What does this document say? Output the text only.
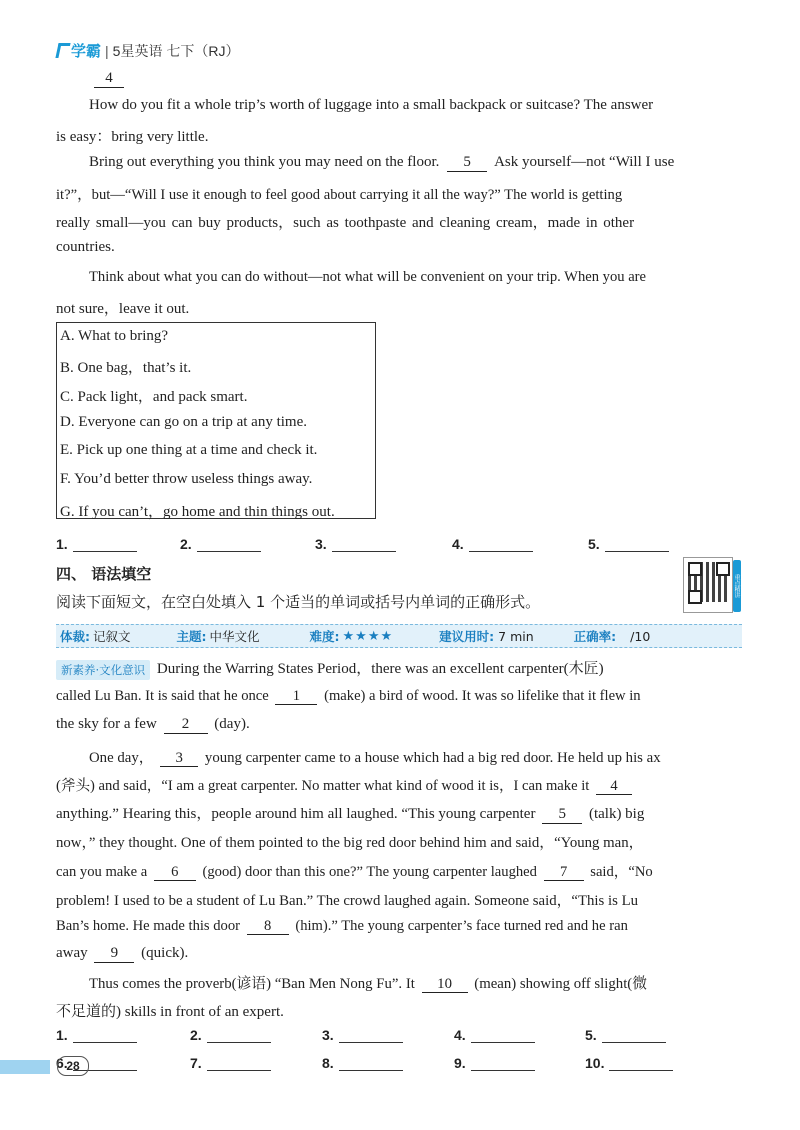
学霸 | 5星英语 七下（RJ）
4
How do you fit a whole trip’s worth of luggage into a small backpack or suitcase? The answer
is easy：bring very little.
Bring out everything you think you may need on the floor. 5 Ask yourself—not “Will I use
it?”，but—“Will I use it enough to feel good about carrying it all the way?” The world is getting
really small—you can buy products，such as toothpaste and cleaning cream，made in other
countries.
Think about what you can do without—not what will be convenient on your trip. When you are
not sure，leave it out.
A. What to bring?
B. One bag，that’s it.
C. Pack light，and pack smart.
D. Everyone can go on a trip at any time.
E. Pick up one thing at a time and check it.
F. You’d better throw useless things away.
G. If you can’t，go home and thin things out.
1.	2.	3.	4.	5.
四、 语法填空
阅读下面短文，在空白处填入 1 个适当的单词或括号内单词的正确形式。
重点精讲
体裁: 记叙文	主题: 中华文化	难度: ★★★★	建议用时: 7 min	正确率: /10
新素养·文化意识 During the Warring States Period，there was an excellent carpenter(木匠)
called Lu Ban. It is said that he once 1 (make) a bird of wood. It was so lifelike that it flew in
the sky for a few 2 (day).
One day， 3 young carpenter came to a house which had a big red door. He held up his ax
(斧头) and said，“I am a great carpenter. No matter what kind of wood it is，I can make it 4
anything.” Hearing this，people around him all laughed. “This young carpenter 5 (talk) big
now，” they thought. One of them pointed to the big red door behind him and said，“Young man，
can you make a 6 (good) door than this one?” The young carpenter laughed 7 said，“No
problem! I used to be a student of Lu Ban.” The crowd laughed again. Someone said，“This is Lu
Ban’s home. He made this door 8 (him).” The young carpenter’s face turned red and he ran
away 9 (quick).
Thus comes the proverb(谚语) “Ban Men Nong Fu”. It 10 (mean) showing off slight(微
不足道的) skills in front of an expert.
1.	2.	3.	4.	5.
6.	7.	8.	9.	10.
28
